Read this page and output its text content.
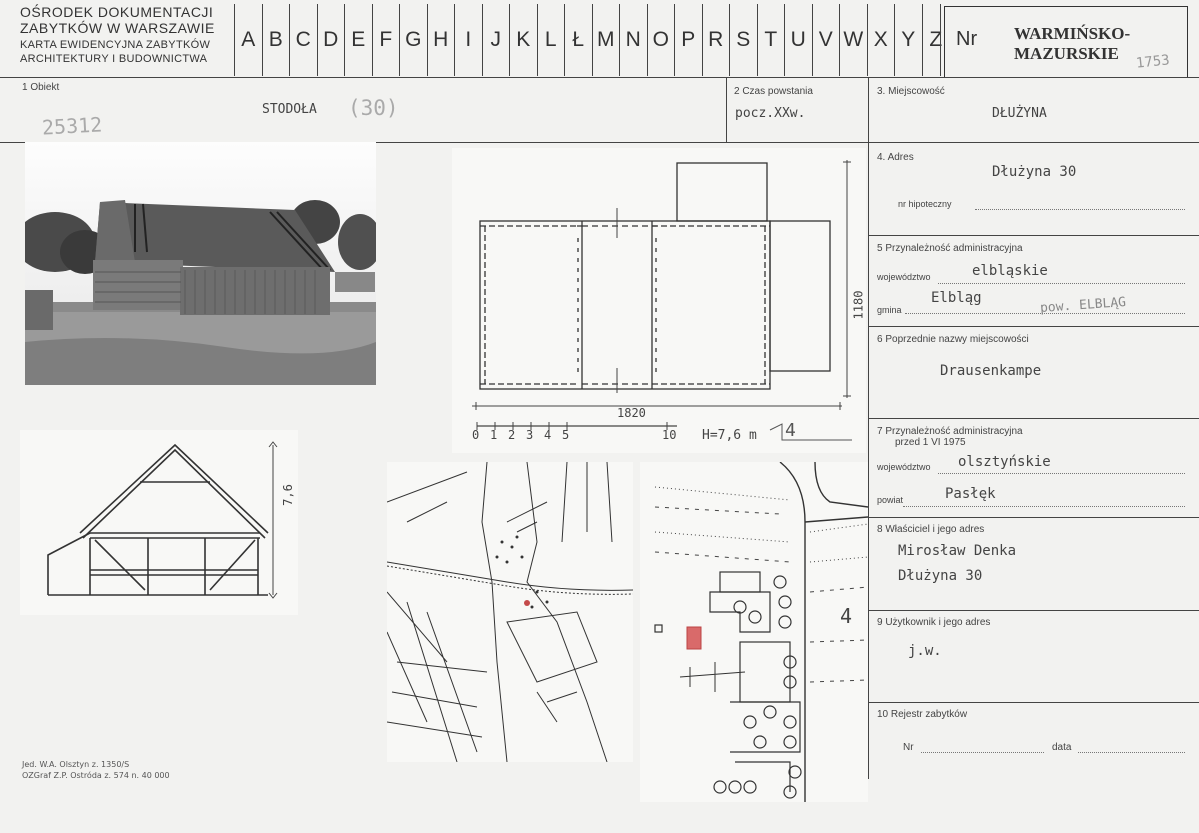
OŚRODEK DOKUMENTACJI
ZABYTKÓW W WARSZAWIE
KARTA EWIDENCYJNA ZABYTKÓW
ARCHITEKTURY I BUDOWNICTWA
A B C D E F G H I J K L Ł M N O P R S T U V W X Y Z Nr WARMIŃSKO-
MAZURSKIE	1753
1 Obiekt
STODOŁA (30)
25312
2 Czas powstania
pocz.XXw.
3. Miejscowość
DŁUŻYNA
4. Adres
Dłużyna 30
nr hipoteczny
5 Przynależność administracyjna
województwo	elbląskie
gmina
Elbląg	pow. ELBLĄG
6 Poprzednie nazwy miejscowości
Drausenkampe
7 Przynależność administracyjna
przed 1 VI 1975
województwo olsztyńskie
powiat	Pasłęk
8 Właściciel i jego adres
Mirosław Denka
Dłużyna 30
9 Użytkownik i jego adres
j.w.
10 Rejestr zabytków
Nr	data
1820
1180
0 1 2 3 4 5	10 H=7,6 m 4
7,6
4
Jed. W.A. Olsztyn z. 1350/S
OZGraf Z.P. Ostróda z. 574 n. 40 000
